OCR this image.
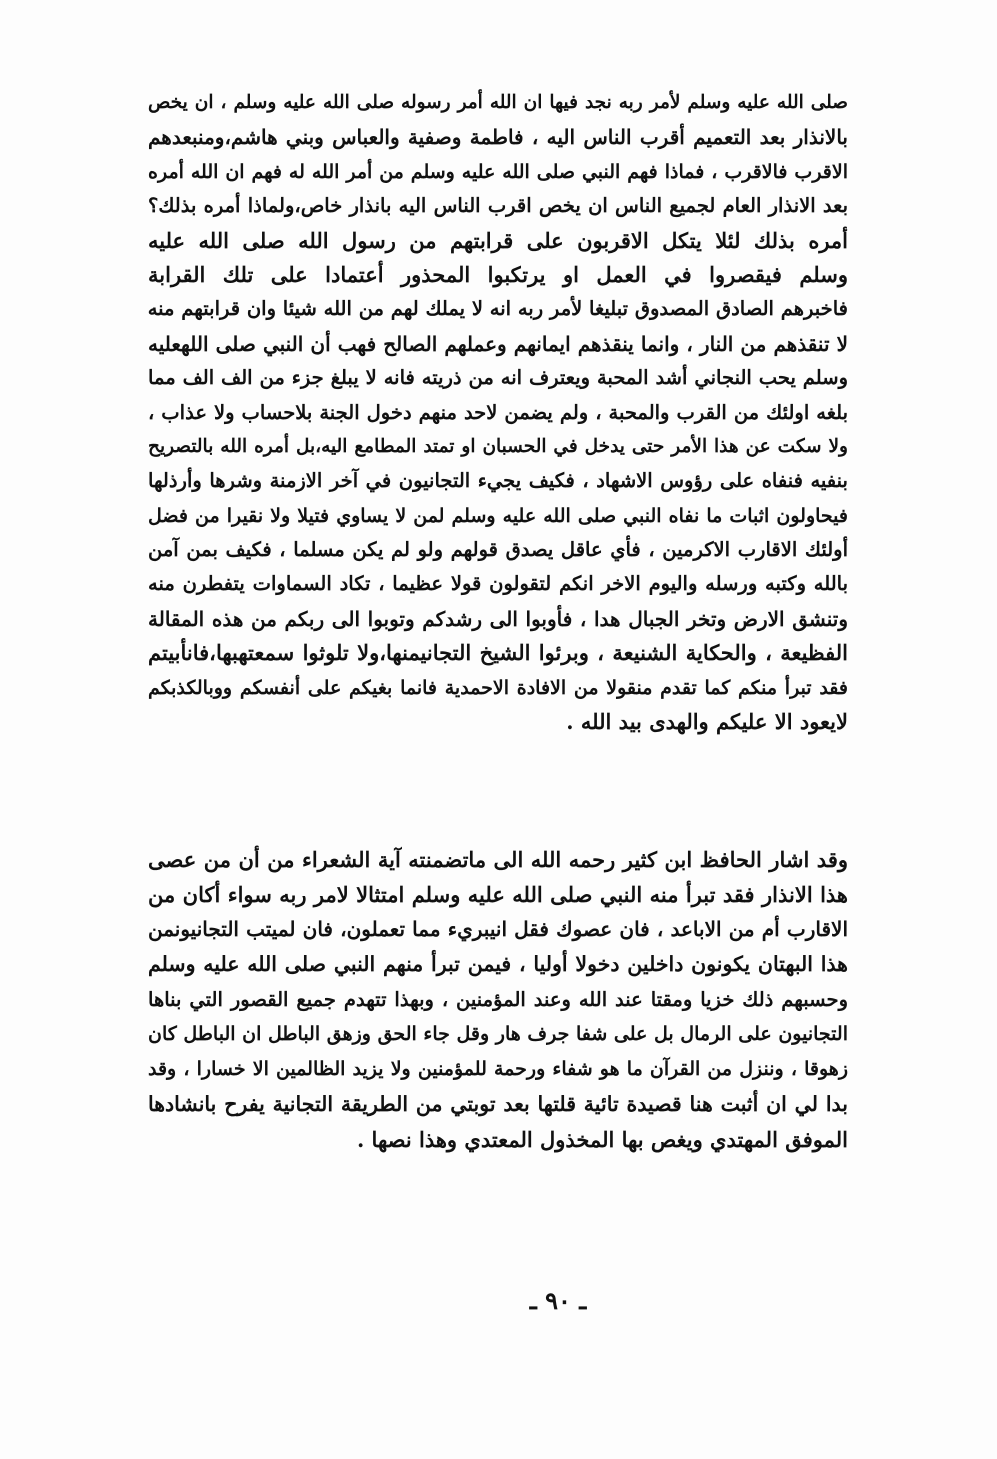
صلى الله عليه وسلم لأمر ربه نجد فيها ان الله أمر رسوله صلى الله عليه وسلم ، ان يخص
بالانذار بعد التعميم أقرب الناس اليه ، فاطمة وصفية والعباس وبني هاشم،ومنبعدهم
الاقرب فالاقرب ، فماذا فهم النبي صلى الله عليه وسلم من أمر الله له فهم ان الله أمره
بعد الانذار العام لجميع الناس ان يخص اقرب الناس اليه بانذار خاص،ولماذا أمره بذلك؟
أمره بذلك لئلا يتكل الاقربون على قرابتهم من رسول الله صلى الله عليه
وسلم فيقصروا في العمل او يرتكبوا المحذور أعتمادا على تلك القرابة
فاخبرهم الصادق المصدوق تبليغا لأمر ربه انه لا يملك لهم من الله شيئا وان قرابتهم منه
لا تنقذهم من النار ، وانما ينقذهم ايمانهم وعملهم الصالح فهب أن النبي صلى اللهعليه
وسلم يحب النجاني أشد المحبة ويعترف انه من ذريته فانه لا يبلغ جزء من الف الف مما
بلغه اولئك من القرب والمحبة ، ولم يضمن لاحد منهم دخول الجنة بلاحساب ولا عذاب ،
ولا سكت عن هذا الأمر حتى يدخل في الحسبان او تمتد المطامع اليه،بل أمره الله بالتصريح
بنفيه فنفاه على رؤوس الاشهاد ، فكيف يجيء التجانيون في آخر الازمنة وشرها وأرذلها
فيحاولون اثبات ما نفاه النبي صلى الله عليه وسلم لمن لا يساوي فتيلا ولا نقيرا من فضل
أولئك الاقارب الاكرمين ، فأي عاقل يصدق قولهم ولو لم يكن مسلما ، فكيف بمن آمن
بالله وكتبه ورسله واليوم الاخر انكم لتقولون قولا عظيما ، تكاد السماوات يتفطرن منه
وتنشق الارض وتخر الجبال هدا ، فأوبوا الى رشدكم وتوبوا الى ربكم من هذه المقالة
الفظيعة ، والحكاية الشنيعة ، وبرئوا الشيخ التجانيمنها،ولا تلوثوا سمعتهبها،فانأبيتم
فقد تبرأ منكم كما تقدم منقولا من الافادة الاحمدية فانما بغيكم على أنفسكم ووبالكذبكم
لايعود الا عليكم والهدى بيد الله .
وقد اشار الحافظ ابن كثير رحمه الله الى ماتضمنته آية الشعراء من أن من عصى
هذا الانذار فقد تبرأ منه النبي صلى الله عليه وسلم امتثالا لامر ربه سواء أكان من
الاقارب أم من الاباعد ، فان عصوك فقل انيبريء مما تعملون، فان لميتب التجانيونمن
هذا البهتان يكونون داخلين دخولا أوليا ، فيمن تبرأ منهم النبي صلى الله عليه وسلم
وحسبهم ذلك خزيا ومقتا عند الله وعند المؤمنين ، وبهذا تتهدم جميع القصور التي بناها
التجانيون على الرمال بل على شفا جرف هار وقل جاء الحق وزهق الباطل ان الباطل كان
زهوقا ، وننزل من القرآن ما هو شفاء ورحمة للمؤمنين ولا يزيد الظالمين الا خسارا ، وقد
بدا لي ان أثبت هنا قصيدة تائية قلتها بعد توبتي من الطريقة التجانية يفرح بانشادها
الموفق المهتدي ويغص بها المخذول المعتدي وهذا نصها .
ـ ٩٠ ـ
